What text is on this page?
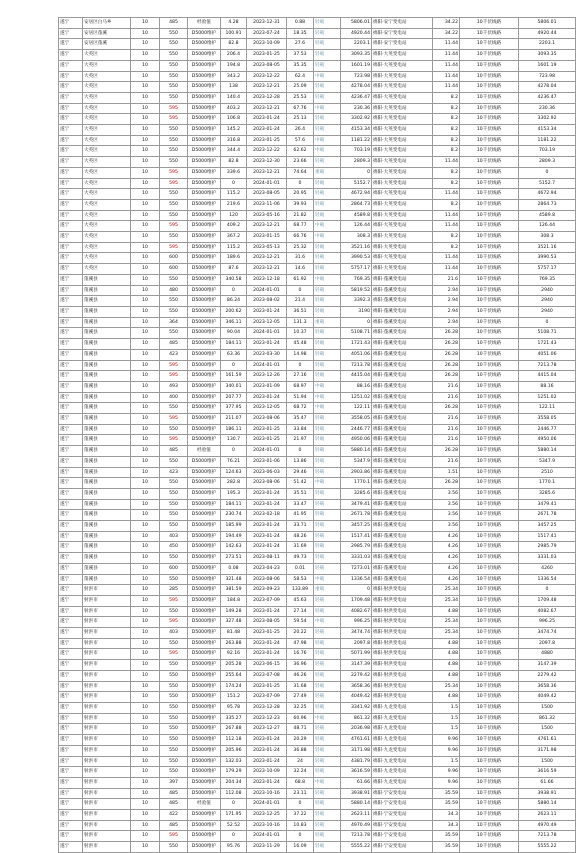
遂宁	安居区白马乡	10	485	经验值	4.28	2023-12-31	0.88	轻载	5806.01	绵阳·安宁变电站	34.22	10千伏线路	5806.01
遂宁	安居区蓬溪	10	550	D5000维护	100.91	2023-07-24	18.35	轻载	4920.44	绵阳·安宁变电站	34.22	10千伏线路	4920.44
遂宁	安居区蓬溪	10	550	D5000维护	82.8	2023-10-09	27.6	轻载	2203.1	绵阳·安宁变电站	11.44	10千伏线路	2203.1
遂宁	大英区	10	550	D5000维护	206.4	2023-01-25	37.53	轻载	3093.35	绵阳·大英变电站	11.44	10千伏线路	3093.35
遂宁	大英区	10	550	D5000维护	194.8	2023-08-05	35.35	轻载	1601.19	绵阳·大英变电站	11.44	10千伏线路	1601.19
遂宁	大英区	10	550	D5000维护	343.2	2023-12-22	62.4	中载	723.98	绵阳·大英变电站	11.44	10千伏线路	723.98
遂宁	大英区	10	550	D5000维护	138	2023-12-21	25.09	轻载	4278.04	绵阳·大英变电站	11.44	10千伏线路	4278.04
遂宁	大英区	10	550	D5000维护	140.4	2023-12-28	25.53	轻载	4236.47	绵阳·大英变电站	8.2	10千伏线路	4236.47
遂宁	大英区	10	595	D5000维护	403.2	2023-12-21	67.76	中载	230.36	绵阳·大英变电站	8.2	10千伏线路	230.36
遂宁	大英区	10	595	D5000维护	106.8	2023-01-24	25.13	轻载	3302.92	绵阳·大英变电站	8.2	10千伏线路	3302.92
遂宁	大英区	10	550	D5000维护	145.2	2023-01-24	26.4	轻载	4153.34	绵阳·大英变电站	8.2	10千伏线路	4153.34
遂宁	大英区	10	550	D5000维护	316.8	2023-01-25	57.6	中载	1181.22	绵阳·大英变电站	8.2	10千伏线路	1181.22
遂宁	大英区	10	550	D5000维护	344.4	2023-12-22	62.62	中载	703.19	绵阳·大英变电站	8.2	10千伏线路	703.19
遂宁	大英区	10	550	D5000维护	82.8	2023-12-30	23.66	轻载	2809.3	绵阳·大英变电站	11.44	10千伏线路	2809.3
遂宁	大英区	10	595	D5000维护	339.6	2023-12-21	74.64	重载	0	绵阳·大英变电站	8.2	10千伏线路	0
遂宁	大英区	10	595	D5000维护	0	2024-01-01	0	轻载	5152.7	绵阳·大英变电站	8.2	10千伏线路	5152.7
遂宁	大英区	10	550	D5000维护	115.2	2023-08-05	20.95	轻载	4672.94	绵阳·大英变电站	11.44	10千伏线路	4672.94
遂宁	大英区	10	550	D5000维护	219.6	2023-11-06	39.93	轻载	2864.73	绵阳·大英变电站	8.2	10千伏线路	2864.73
遂宁	大英区	10	550	D5000维护	120	2023-05-16	21.82	轻载	4589.8	绵阳·大英变电站	11.44	10千伏线路	4589.8
遂宁	大英区	10	595	D5000维护	409.2	2023-12-21	68.77	中载	126.44	绵阳·大英变电站	11.44	10千伏线路	126.44
遂宁	大英区	10	550	D5000维护	367.2	2023-01-15	66.76	中载	308.3	绵阳·大英变电站	8.2	10千伏线路	308.3
遂宁	大英区	10	595	D5000维护	115.2	2023-05-13	25.32	轻载	3521.16	绵阳·大英变电站	8.2	10千伏线路	3521.16
遂宁	大英区	10	600	D5000维护	189.6	2023-12-21	31.6	轻载	3990.53	绵阳·大英变电站	11.44	10千伏线路	3990.53
遂宁	大英区	10	600	D5000维护	87.6	2023-12-21	14.6	轻载	5757.17	绵阳·大英变电站	11.44	10千伏线路	5757.17
遂宁	蓬溪县	10	550	D5000维护	340.58	2023-12-18	61.92	中载	769.35	绵阳·蓬溪变电站	21.6	10千伏线路	769.35
遂宁	蓬溪县	10	480	D5000维护	0	2024-01-01	0	轻载	5819.52	绵阳·蓬溪变电站	2.94	10千伏线路	2940
遂宁	蓬溪县	10	550	D5000维护	86.24	2023-08-02	21.4	轻载	3392.3	绵阳·蓬溪变电站	2.94	10千伏线路	2940
遂宁	蓬溪县	10	550	D5000维护	200.62	2023-01-24	36.51	轻载	3190	绵阳·蓬溪变电站	2.94	10千伏线路	2940
遂宁	蓬溪县	10	364	D5000维护	346.11	2023-12-05	131.3	重载	0	绵阳·蓬溪变电站	2.94	10千伏线路	0
遂宁	蓬溪县	10	550	D5000维护	90.04	2024-01-01	10.37	轻载	5108.71	绵阳·蓬溪变电站	26.28	10千伏线路	5108.71
遂宁	蓬溪县	10	485	D5000维护	184.11	2023-01-24	45.48	轻载	1721.43	绵阳·蓬溪变电站	26.28	10千伏线路	1721.43
遂宁	蓬溪县	10	423	D5000维护	63.36	2023-03-30	14.98	轻载	4051.06	绵阳·蓬溪变电站	26.28	10千伏线路	4051.06
遂宁	蓬溪县	10	595	D5000维护	0	2024-01-01	0	轻载	7213.78	绵阳·蓬溪变电站	26.28	10千伏线路	7213.78
遂宁	蓬溪县	10	595	D5000维护	161.59	2023-12-26	27.16	轻载	4415.04	绵阳·蓬溪变电站	26.28	10千伏线路	4415.04
遂宁	蓬溪县	10	493	D5000维护	340.01	2023-01-09	68.97	中载	88.16	绵阳·蓬溪变电站	21.6	10千伏线路	88.16
遂宁	蓬溪县	10	400	D5000维护	207.77	2023-01-24	51.94	中载	1251.02	绵阳·蓬溪变电站	21.6	10千伏线路	1251.02
遂宁	蓬溪县	10	550	D5000维护	377.95	2023-12-05	68.72	中载	122.11	绵阳·蓬溪变电站	26.28	10千伏线路	122.11
遂宁	蓬溪县	10	595	D5000维护	211.07	2023-08-06	35.47	轻载	3558.05	绵阳·蓬溪变电站	21.6	10千伏线路	3558.05
遂宁	蓬溪县	10	550	D5000维护	186.11	2023-01-25	33.84	轻载	2446.77	绵阳·蓬溪变电站	21.6	10千伏线路	2446.77
遂宁	蓬溪县	10	595	D5000维护	130.7	2023-01-25	21.97	轻载	4950.06	绵阳·蓬溪变电站	21.6	10千伏线路	4950.06
遂宁	蓬溪县	10	485	经验值	0	2024-01-01	0	轻载	5880.14	绵阳·蓬溪变电站	26.28	10千伏线路	5880.14
遂宁	蓬溪县	10	550	D5000维护	76.21	2023-01-06	13.86	轻载	5347.9	绵阳·蓬溪变电站	21.6	10千伏线路	5347.9
遂宁	蓬溪县	10	423	D5000维护	124.63	2023-06-03	29.46	轻载	2903.86	绵阳·蓬溪变电站	1.51	10千伏线路	2510
遂宁	蓬溪县	10	550	D5000维护	282.8	2023-08-06	51.42	中载	1770.1	绵阳·蓬溪变电站	26.28	10千伏线路	1770.1
遂宁	蓬溪县	10	550	D5000维护	195.3	2023-01-24	35.51	轻载	3285.6	绵阳·蓬溪变电站	3.56	10千伏线路	3285.6
遂宁	蓬溪县	10	550	D5000维护	184.11	2023-01-24	33.47	轻载	3479.41	绵阳·蓬溪变电站	3.56	10千伏线路	3479.41
遂宁	蓬溪县	10	550	D5000维护	230.74	2023-02-18	41.95	轻载	2671.78	绵阳·蓬溪变电站	3.56	10千伏线路	2671.78
遂宁	蓬溪县	10	550	D5000维护	185.99	2023-01-24	33.71	轻载	3457.25	绵阳·蓬溪变电站	3.56	10千伏线路	3457.25
遂宁	蓬溪县	10	403	D5000维护	194.49	2023-01-24	48.26	轻载	1517.41	绵阳·蓬溪变电站	4.26	10千伏线路	1517.41
遂宁	蓬溪县	10	450	D5000维护	142.63	2023-01-24	31.69	轻载	2985.79	绵阳·蓬溪变电站	4.26	10千伏线路	2985.79
遂宁	蓬溪县	10	550	D5000维护	273.51	2023-08-11	49.73	轻载	3331.03	绵阳·蓬溪变电站	4.26	10千伏线路	3331.03
遂宁	蓬溪县	10	600	D5000维护	0.08	2023-04-23	0.01	轻载	7273.01	绵阳·蓬溪变电站	4.26	10千伏线路	4260
遂宁	蓬溪县	10	550	D5000维护	321.48	2023-08-06	58.53	中载	1336.54	绵阳·蓬溪变电站	4.26	10千伏线路	1336.54
遂宁	射洪市	10	285	D5000维护	381.59	2023-09-23	133.89	重载	0	绵阳·射洪变电站	25.34	10千伏线路	0
遂宁	射洪市	10	595	D5000维护	184.8	2023-07-09	45.63	轻载	1709.48	绵阳·射洪变电站	25.34	10千伏线路	1709.48
遂宁	射洪市	10	550	D5000维护	149.28	2023-01-24	27.14	轻载	4082.67	绵阳·射洪变电站	4.88	10千伏线路	4082.67
遂宁	射洪市	10	595	D5000维护	327.48	2023-08-05	59.54	中载	996.25	绵阳·射洪变电站	25.34	10千伏线路	996.25
遂宁	射洪市	10	403	D5000维护	81.48	2023-01-25	20.22	轻载	3474.74	绵阳·射洪变电站	25.34	10千伏线路	3474.74
遂宁	射洪市	10	550	D5000维护	263.88	2023-01-24	47.98	轻载	2097.8	绵阳·射洪变电站	4.88	10千伏线路	2097.8
遂宁	射洪市	10	595	D5000维护	92.16	2023-01-24	16.76	轻载	5071.99	绵阳·射洪变电站	4.88	10千伏线路	4880
遂宁	射洪市	10	550	D5000维护	205.28	2023-06-15	36.96	轻载	3147.39	绵阳·射洪变电站	4.88	10千伏线路	3147.39
遂宁	射洪市	10	550	D5000维护	255.64	2023-07-08	46.26	轻载	2279.42	绵阳·射洪变电站	4.88	10千伏线路	2279.42
遂宁	射洪市	10	550	D5000维护	174.24	2023-01-25	31.68	轻载	3658.36	绵阳·射洪变电站	25.34	10千伏线路	3658.36
遂宁	射洪市	10	550	D5000维护	151.2	2023-07-09	27.49	轻载	4049.42	绵阳·射洪变电站	4.88	10千伏线路	4049.42
遂宁	射洪市	10	550	D5000维护	95.78	2023-12-28	32.25	轻载	3341.92	绵阳·九龙变电站	1.5	10千伏线路	1500
遂宁	射洪市	10	550	D5000维护	335.27	2023-12-23	60.96	中载	861.32	绵阳·九龙变电站	1.5	10千伏线路	861.32
遂宁	射洪市	10	550	D5000维护	267.88	2023-12-27	48.71	轻载	2036.98	绵阳·九龙变电站	1.5	10千伏线路	1500
遂宁	射洪市	10	550	D5000维护	112.18	2023-01-24	20.29	轻载	4761.61	绵阳·九龙变电站	9.96	10千伏线路	4761.61
遂宁	射洪市	10	550	D5000维护	205.96	2023-01-24	36.88	轻载	3171.98	绵阳·九龙变电站	9.96	10千伏线路	3171.98
遂宁	射洪市	10	550	D5000维护	132.03	2023-01-24	24	轻载	4381.79	绵阳·九龙变电站	1.5	10千伏线路	1500
遂宁	射洪市	10	550	D5000维护	179.29	2023-10-09	32.24	轻载	3616.59	绵阳·九龙变电站	9.96	10千伏线路	3616.59
遂宁	射洪市	10	397	D5000维护	204.34	2023-01-24	68.8	中载	61.66	绵阳·九龙变电站	9.96	10千伏线路	61.66
遂宁	射洪市	10	485	D5000维护	112.08	2023-10-16	23.11	轻载	3938.91	绵阳·宁安变电站	35.59	10千伏线路	3938.91
遂宁	射洪市	10	485	经验值	0	2024-01-01	0	轻载	5880.14	绵阳·宁安变电站	35.59	10千伏线路	5880.14
遂宁	射洪市	10	422	D5000维护	171.95	2023-12-25	37.22	轻载	2623.11	绵阳·宁安变电站	34.3	10千伏线路	2623.11
遂宁	射洪市	10	485	D5000维护	52.52	2023-10-16	10.83	轻载	4970.49	绵阳·宁安变电站	34.3	10千伏线路	4970.49
遂宁	射洪市	10	595	D5000维护	0	2024-01-01	0	轻载	7213.78	绵阳·宁安变电站	35.59	10千伏线路	7213.78
遂宁	射洪市	10	550	D5000维护	95.76	2023-11-29	16.09	轻载	5555.22	绵阳·宁安变电站	35.59	10千伏线路	5555.22
